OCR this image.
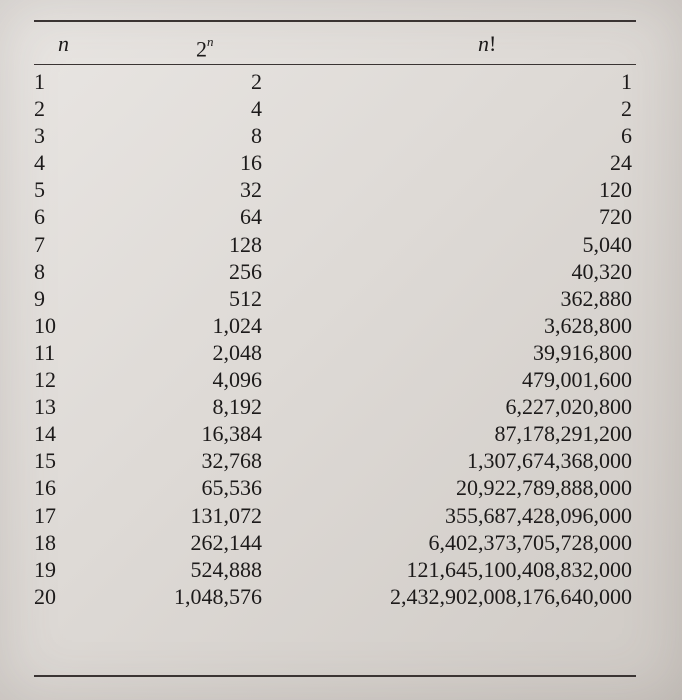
n	2$^n$	n!
1	2	1
2	4	2
3	8	6
4	16	24
5	32	120
6	64	720
7	128	5,040
8	256	40,320
9	512	362,880
10	1,024	3,628,800
11	2,048	39,916,800
12	4,096	479,001,600
13	8,192	6,227,020,800
14	16,384	87,178,291,200
15	32,768	1,307,674,368,000
16	65,536	20,922,789,888,000
17	131,072	355,687,428,096,000
18	262,144	6,402,373,705,728,000
19	524,888	121,645,100,408,832,000
20	1,048,576	2,432,902,008,176,640,000
